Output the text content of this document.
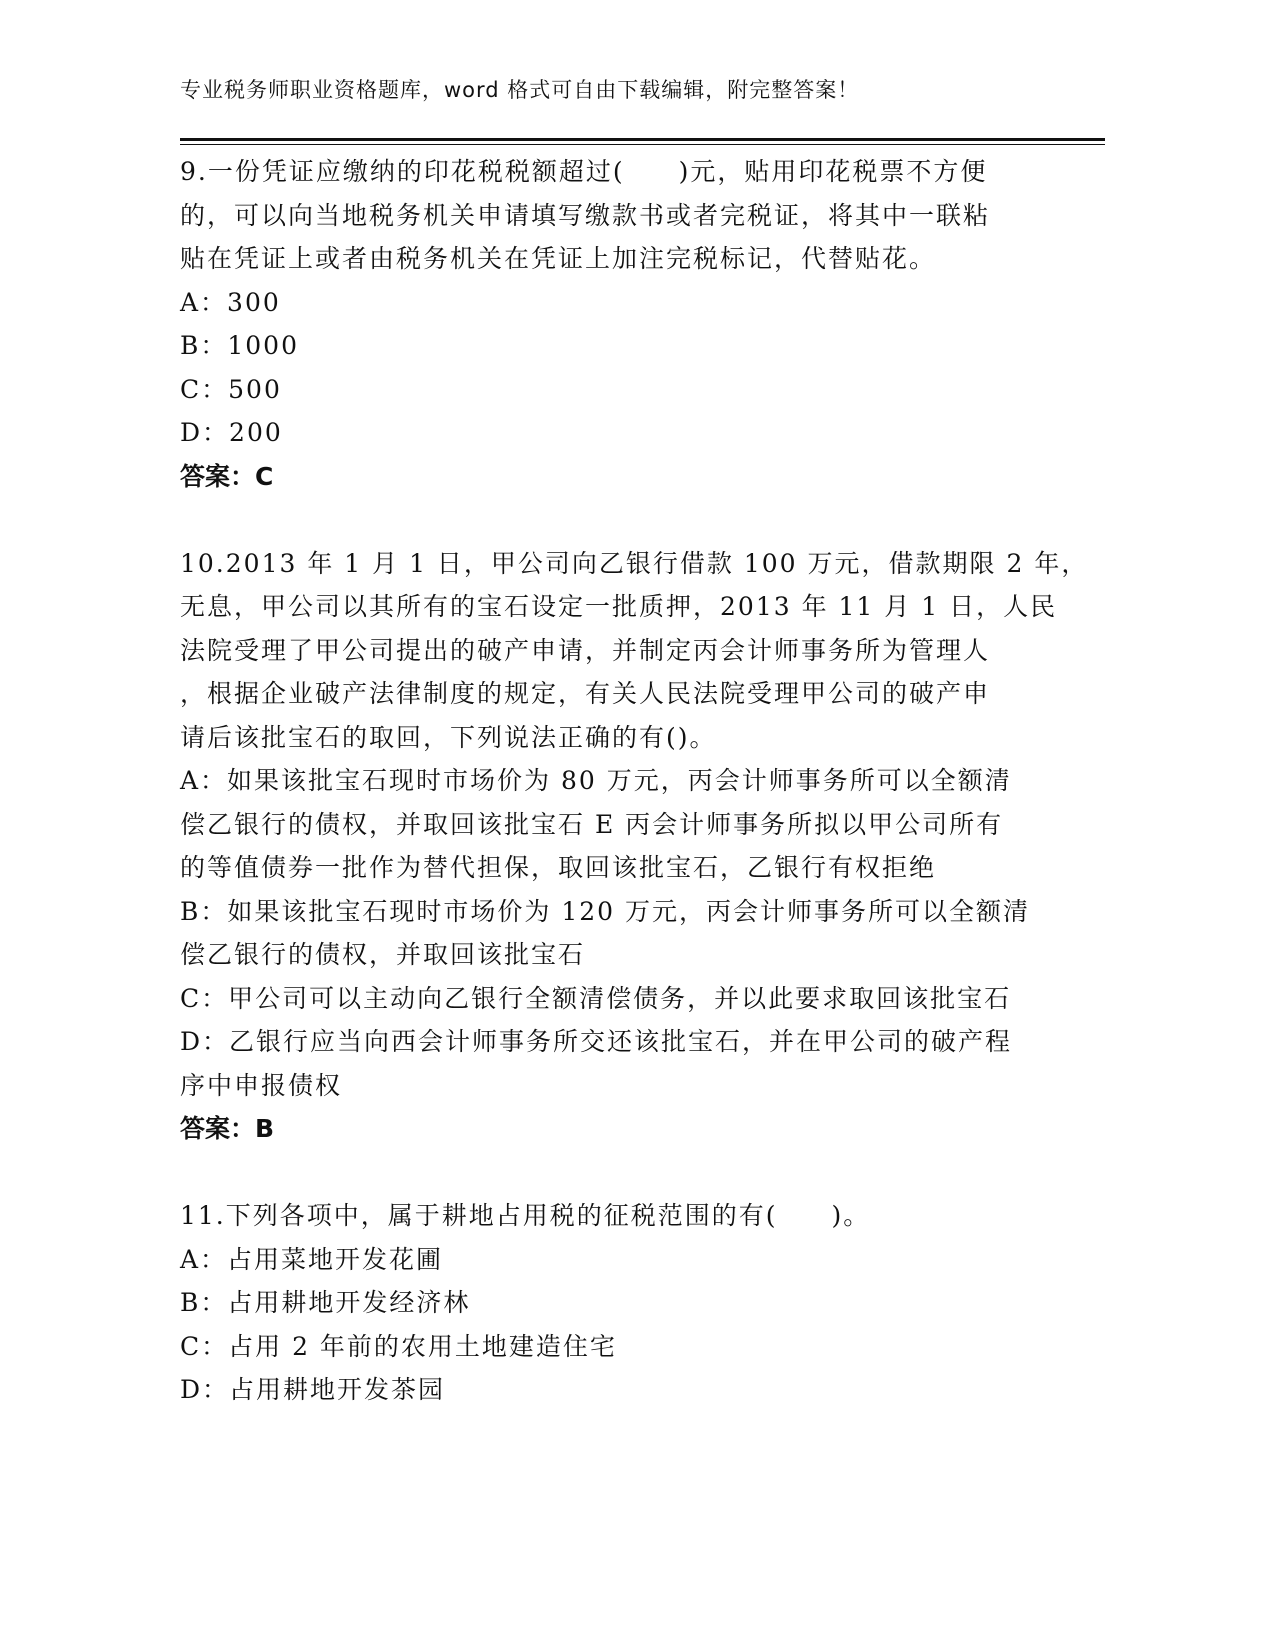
专业税务师职业资格题库，word 格式可自由下载编辑，附完整答案！
9.一份凭证应缴纳的印花税税额超过(　　)元，贴用印花税票不方便
的，可以向当地税务机关申请填写缴款书或者完税证，将其中一联粘
贴在凭证上或者由税务机关在凭证上加注完税标记，代替贴花。
A：300
B：1000
C：500
D：200
答案：C
10.2013 年 1 月 1 日，甲公司向乙银行借款 100 万元，借款期限 2 年，
无息，甲公司以其所有的宝石设定一批质押，2013 年 11 月 1 日，人民
法院受理了甲公司提出的破产申请，并制定丙会计师事务所为管理人
，根据企业破产法律制度的规定，有关人民法院受理甲公司的破产申
请后该批宝石的取回，下列说法正确的有()。
A：如果该批宝石现时市场价为 80 万元，丙会计师事务所可以全额清
偿乙银行的债权，并取回该批宝石 E 丙会计师事务所拟以甲公司所有
的等值债券一批作为替代担保，取回该批宝石，乙银行有权拒绝
B：如果该批宝石现时市场价为 120 万元，丙会计师事务所可以全额清
偿乙银行的债权，并取回该批宝石
C：甲公司可以主动向乙银行全额清偿债务，并以此要求取回该批宝石
D：乙银行应当向西会计师事务所交还该批宝石，并在甲公司的破产程
序中申报债权
答案：B
11.下列各项中，属于耕地占用税的征税范围的有(　　)。
A：占用菜地开发花圃
B：占用耕地开发经济林
C：占用 2 年前的农用土地建造住宅
D：占用耕地开发茶园
